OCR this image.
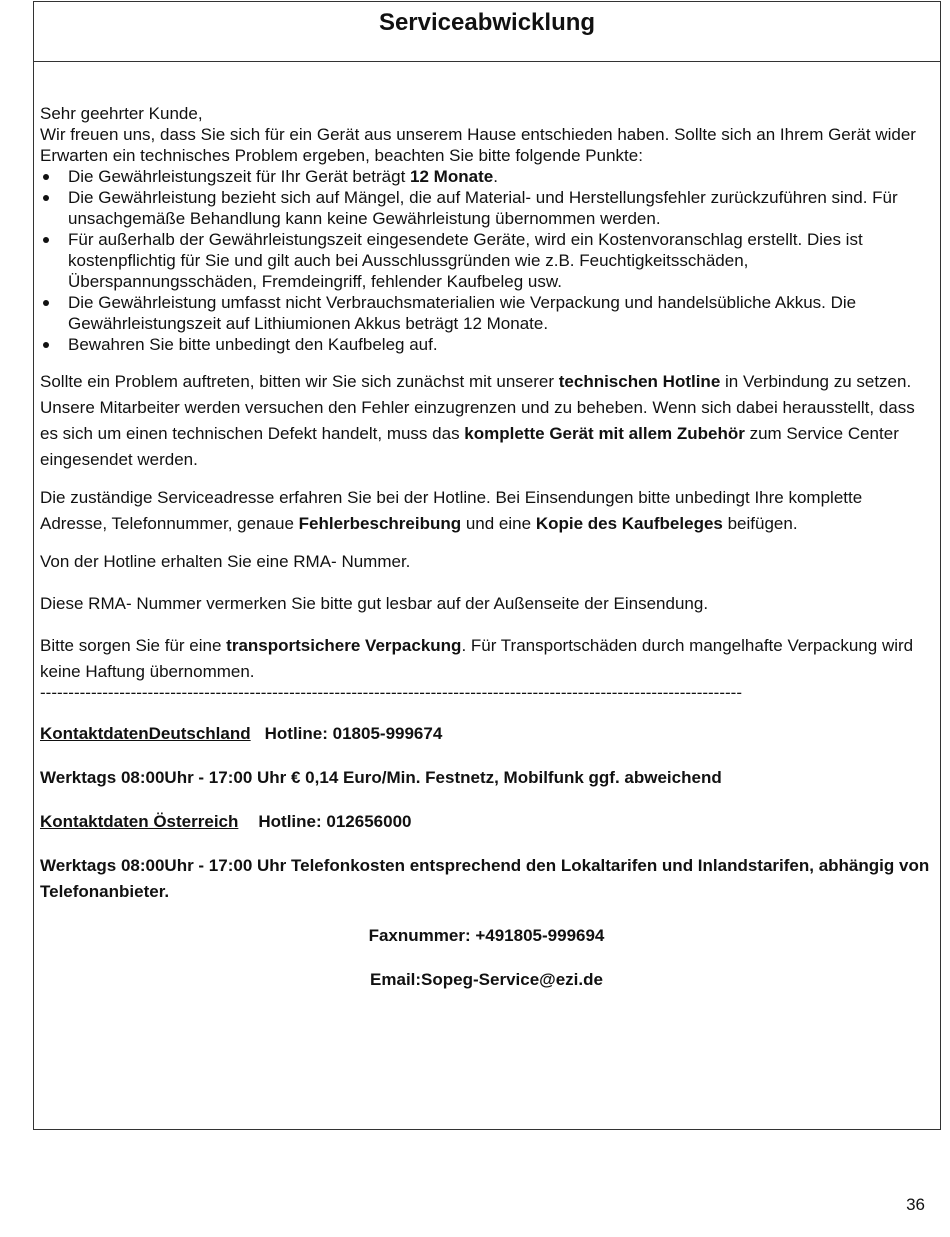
Serviceabwicklung

Sehr geehrter Kunde,

Wir freuen uns, dass Sie sich für ein Gerät aus unserem Hause entschieden haben. Sollte sich an Ihrem Gerät wider Erwarten ein technisches Problem ergeben, beachten Sie bitte folgende Punkte:

Die Gewährleistungszeit für Ihr Gerät beträgt 12 Monate.
Die Gewährleistung bezieht sich auf Mängel, die auf Material- und Herstellungsfehler zurückzuführen sind. Für unsachgemäße Behandlung kann keine Gewährleistung übernommen werden.
Für außerhalb der Gewährleistungszeit eingesendete Geräte, wird ein Kostenvoranschlag erstellt. Dies ist kostenpflichtig für Sie und gilt auch bei Ausschlussgründen wie z.B. Feuchtigkeitsschäden, Überspannungsschäden, Fremdeingriff, fehlender Kaufbeleg usw.
Die Gewährleistung umfasst nicht Verbrauchsmaterialien wie Verpackung und handelsübliche Akkus. Die Gewährleistungszeit auf Lithiumionen Akkus beträgt 12 Monate.
Bewahren Sie bitte unbedingt den Kaufbeleg auf.

Sollte ein Problem auftreten, bitten wir Sie sich zunächst mit unserer technischen Hotline in Verbindung zu setzen. Unsere Mitarbeiter werden versuchen den Fehler einzugrenzen und zu beheben. Wenn sich dabei herausstellt, dass es sich um einen technischen Defekt handelt, muss das komplette Gerät mit allem Zubehör zum Service Center eingesendet werden.

Die zuständige Serviceadresse erfahren Sie bei der Hotline. Bei Einsendungen bitte unbedingt Ihre komplette Adresse, Telefonnummer, genaue Fehlerbeschreibung und eine Kopie des Kaufbeleges beifügen.

Von der Hotline erhalten Sie eine RMA- Nummer.

Diese RMA- Nummer vermerken Sie bitte gut lesbar auf der Außenseite der Einsendung.

Bitte sorgen Sie für eine transportsichere Verpackung. Für Transportschäden durch mangelhafte Verpackung wird keine Haftung übernommen.

----------------------------------------------------------------------------------------------------------------------------

KontaktdatenDeutschland Hotline: 01805-999674

Werktags 08:00Uhr - 17:00 Uhr € 0,14 Euro/Min. Festnetz, Mobilfunk ggf. abweichend

Kontaktdaten Österreich Hotline: 012656000

Werktags 08:00Uhr - 17:00 Uhr Telefonkosten entsprechend den Lokaltarifen und Inlandstarifen, abhängig von Telefonanbieter.

Faxnummer: +491805-999694

Email:Sopeg-Service@ezi.de

36
